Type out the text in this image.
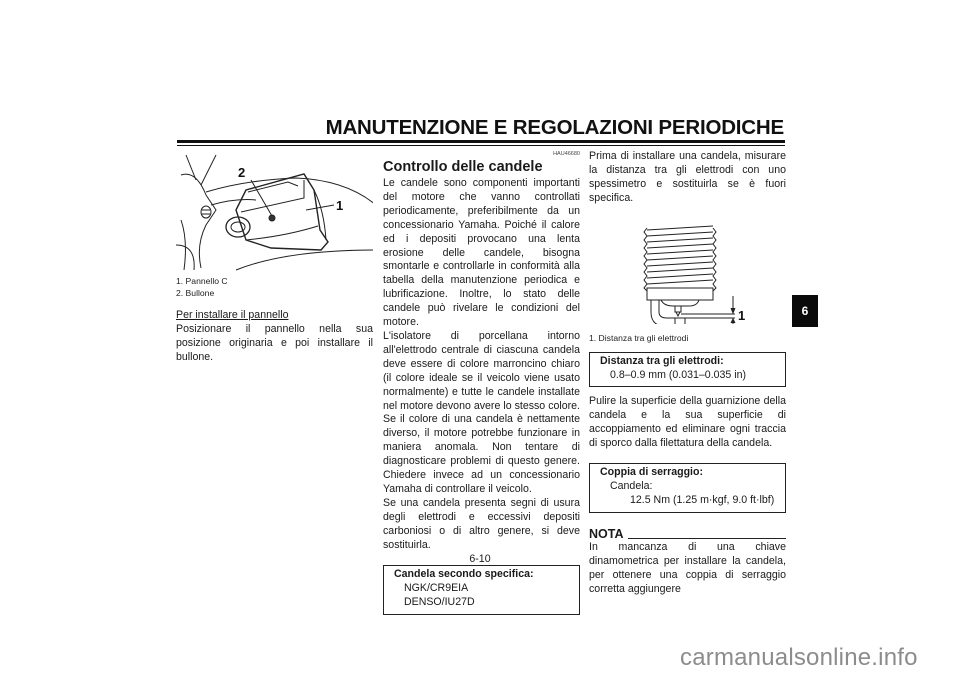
MANUTENZIONE E REGOLAZIONI PERIODICHE
2
1
1. Pannello C
2. Bullone
Per installare il pannello
Posizionare il pannello nella sua posizione originaria e poi installare il bullone.
HAU46680
Controllo delle candele
Le candele sono componenti importanti del motore che vanno controllati periodicamente, preferibilmente da un concessionario Yamaha. Poiché il calore ed i depositi provocano una lenta erosione delle candele, bisogna smontarle e controllarle in conformità alla tabella della manutenzione periodica e lubrificazione. Inoltre, lo stato delle candele può rivelare le condizioni del motore.
L'isolatore di porcellana intorno all'elettrodo centrale di ciascuna candela deve essere di colore marroncino chiaro (il colore ideale se il veicolo viene usato normalmente) e tutte le candele installate nel motore devono avere lo stesso colore. Se il colore di una candela è nettamente diverso, il motore potrebbe funzionare in maniera anomala. Non tentare di diagnosticare problemi di questo genere. Chiedere invece ad un concessionario Yamaha di controllare il veicolo.
Se una candela presenta segni di usura degli elettrodi e eccessivi depositi carboniosi o di altro genere, si deve sostituirla.
Candela secondo specifica:
NGK/CR9EIA
DENSO/IU27D
Prima di installare una candela, misurare la distanza tra gli elettrodi con uno spessimetro e sostituirla se è fuori specifica.
1
1. Distanza tra gli elettrodi
Distanza tra gli elettrodi:
0.8–0.9 mm (0.031–0.035 in)
Pulire la superficie della guarnizione della candela e la sua superficie di accoppiamento ed eliminare ogni traccia di sporco dalla filettatura della candela.
Coppia di serraggio:
Candela:
12.5 Nm (1.25 m·kgf, 9.0 ft·lbf)
NOTA
In mancanza di una chiave dinamometrica per installare la candela, per ottenere una coppia di serraggio corretta aggiungere
6-10
6
carmanualsonline.info
